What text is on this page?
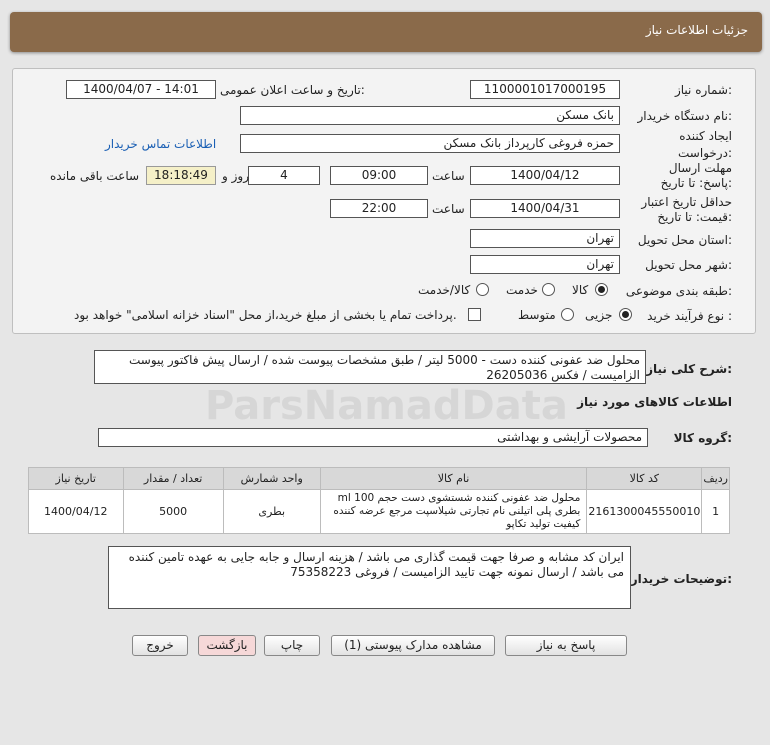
جزئیات اطلاعات نیاز
ParsNamadData
شماره نیاز:
1100001017000195
تاریخ و ساعت اعلان عمومی:
1400/04/07 - 14:01
نام دستگاه خریدار:
بانک مسکن
ایجاد کننده درخواست:
حمزه فروغی کارپرداز بانک مسکن
اطلاعات تماس خریدار
مهلت ارسال پاسخ: تا تاریخ:
1400/04/12
ساعت
09:00
4
روز و
18:18:49
ساعت باقی مانده
حداقل تاریخ اعتبار قیمت: تا تاریخ:
1400/04/31
ساعت
22:00
استان محل تحویل:
تهران
شهر محل تحویل:
تهران
طبقه بندی موضوعی:
کالا
خدمت
کالا/خدمت
نوع فرآیند خرید :
جزیی
متوسط
پرداخت تمام یا بخشی از مبلغ خرید،از محل "اسناد خزانه اسلامی" خواهد بود.
شرح کلی نیاز:
محلول ضد عفونی کننده دست - 5000 لیتر / طبق مشخصات پیوست شده / ارسال پیش فاکتور پیوست الزامیست / فکس 26205036
اطلاعات کالاهای مورد نیاز
گروه کالا:
محصولات آرایشی و بهداشتی
ردیف	کد کالا	نام کالا	واحد شمارش	تعداد / مقدار	تاریخ نیاز
1	2161300045550010	محلول ضد عفونی کننده شستشوی دست حجم 100 ml بطری پلی اتیلنی نام تجارتی شیلاسپت مرجع عرضه کننده کیفیت تولید تکاپو	بطری	5000	1400/04/12
توضیحات خریدار:
ایران کد مشابه و صرفا جهت قیمت گذاری می باشد / هزینه ارسال و جابه جایی به عهده تامین کننده می باشد / ارسال نمونه جهت تایید الزامیست / فروغی 75358223
پاسخ به نیاز
مشاهده مدارک پیوستی (1)
چاپ
بازگشت
خروج
